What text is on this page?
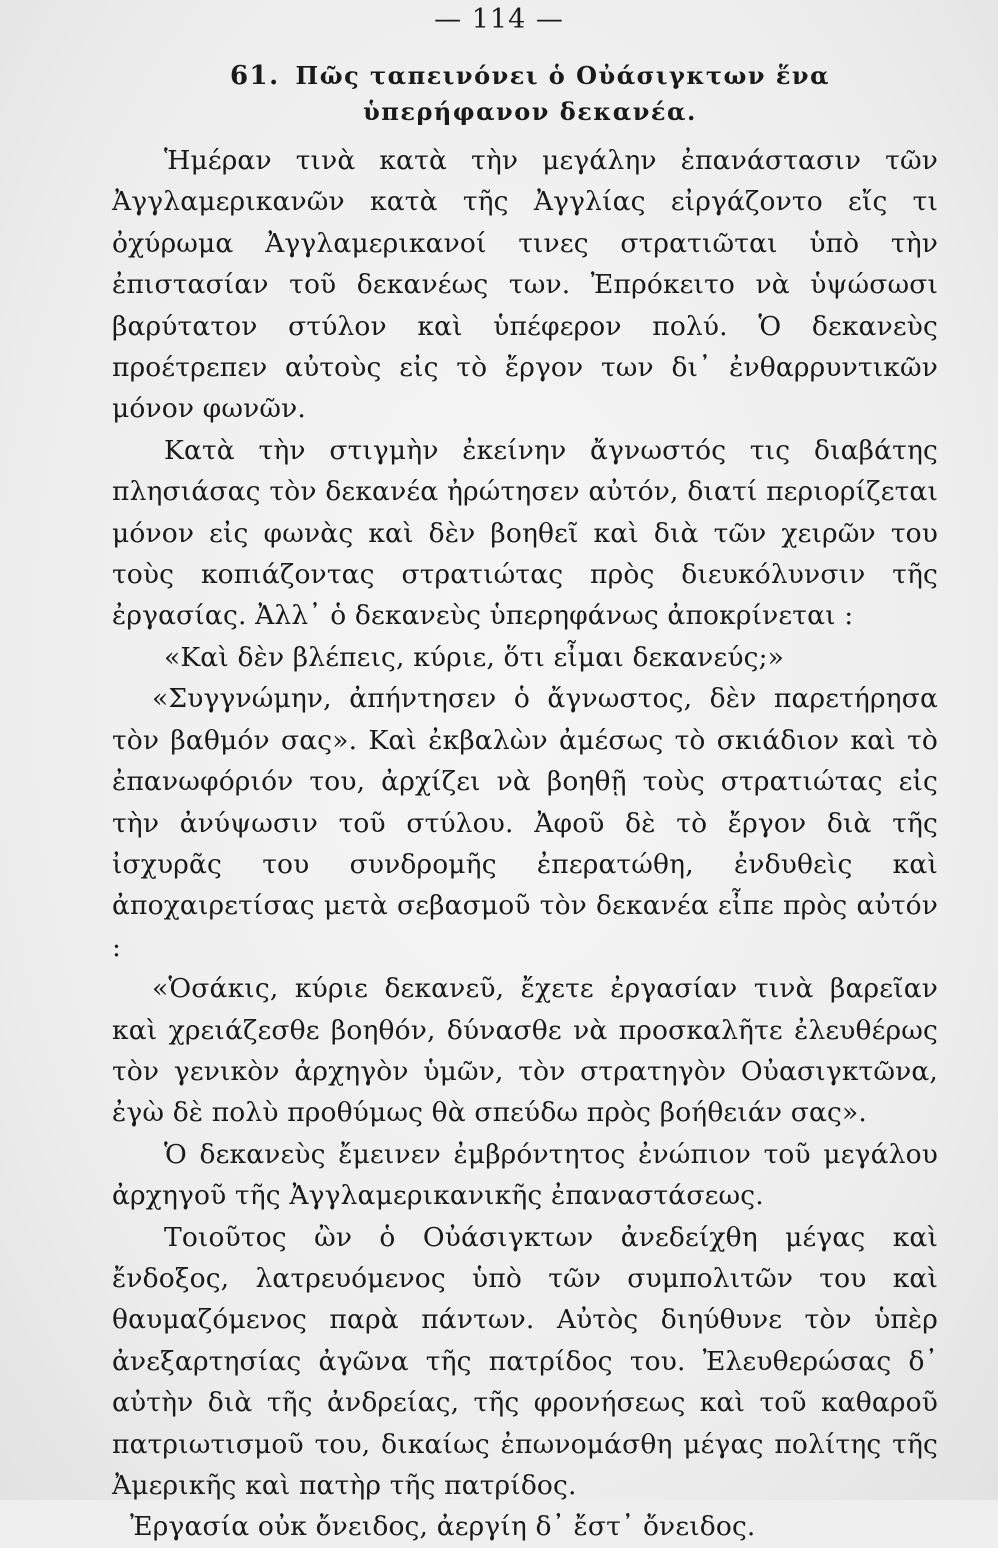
— 114 —
61. Πῶς ταπεινόνει ὁ Οὐάσιγκτων ἕνα ὑπερήφανον δεκανέα.

Ἡμέραν τινὰ κατὰ τὴν μεγάλην ἐπανάστασιν τῶν Ἀγγλαμερικανῶν κατὰ τῆς Ἀγγλίας εἰργάζοντο εἴς τι ὀχύρωμα Ἀγγλαμερικανοί τινες στρατιῶται ὑπὸ τὴν ἐπιστασίαν τοῦ δεκανέως των. Ἐπρόκειτο νὰ ὑψώσωσι βαρύτατον στύλον καὶ ὑπέφερον πολύ. Ὁ δεκανεὺς προέτρεπεν αὐτοὺς εἰς τὸ ἔργον των δι᾽ ἐνθαρρυντικῶν μόνον φωνῶν.

Κατὰ τὴν στιγμὴν ἐκείνην ἄγνωστός τις διαβάτης πλησιάσας τὸν δεκανέα ἠρώτησεν αὐτόν, διατί περιορίζεται μόνον εἰς φωνὰς καὶ δὲν βοηθεῖ καὶ διὰ τῶν χειρῶν του τοὺς κοπιάζοντας στρατιώτας πρὸς διευκόλυνσιν τῆς ἐργασίας. Ἀλλ᾽ ὁ δεκανεὺς ὑπερηφάνως ἀποκρίνεται :

«Καὶ δὲν βλέπεις, κύριε, ὅτι εἶμαι δεκανεύς;»

«Συγγνώμην, ἀπήντησεν ὁ ἄγνωστος, δὲν παρετήρησα τὸν βαθμόν σας». Καὶ ἐκβαλὼν ἀμέσως τὸ σκιάδιον καὶ τὸ ἐπανωφόριόν του, ἀρχίζει νὰ βοηθῇ τοὺς στρατιώτας εἰς τὴν ἀνύψωσιν τοῦ στύλου. Ἀφοῦ δὲ τὸ ἔργον διὰ τῆς ἰσχυρᾶς του συνδρομῆς ἐπερατώθη, ἐνδυθεὶς καὶ ἀποχαιρετίσας μετὰ σεβασμοῦ τὸν δεκανέα εἶπε πρὸς αὐτόν :

«Ὁσάκις, κύριε δεκανεῦ, ἔχετε ἐργασίαν τινὰ βαρεῖαν καὶ χρειάζεσθε βοηθόν, δύνασθε νὰ προσκαλῆτε ἐλευθέρως τὸν γενικὸν ἀρχηγὸν ὑμῶν, τὸν στρατηγὸν Οὐασιγκτῶνα, ἐγὼ δὲ πολὺ προθύμως θὰ σπεύδω πρὸς βοήθειάν σας».

Ὁ δεκανεὺς ἔμεινεν ἐμβρόντητος ἐνώπιον τοῦ μεγάλου ἀρχηγοῦ τῆς Ἀγγλαμερικανικῆς ἐπαναστάσεως.

Τοιοῦτος ὢν ὁ Οὐάσιγκτων ἀνεδείχθη μέγας καὶ ἔνδοξος, λατρευόμενος ὑπὸ τῶν συμπολιτῶν του καὶ θαυμαζόμενος παρὰ πάντων. Αὐτὸς διηύθυνε τὸν ὑπὲρ ἀνεξαρτησίας ἀγῶνα τῆς πατρίδος του. Ἐλευθερώσας δ᾽ αὐτὴν διὰ τῆς ἀνδρείας, τῆς φρονήσεως καὶ τοῦ καθαροῦ πατριωτισμοῦ του, δικαίως ἐπωνομάσθη μέγας πολίτης τῆς Ἀμερικῆς καὶ πατὴρ τῆς πατρίδος.

Ἐργασία οὐκ ὄνειδος, ἀεργίη δ᾽ ἔστ᾽ ὄνειδος.
